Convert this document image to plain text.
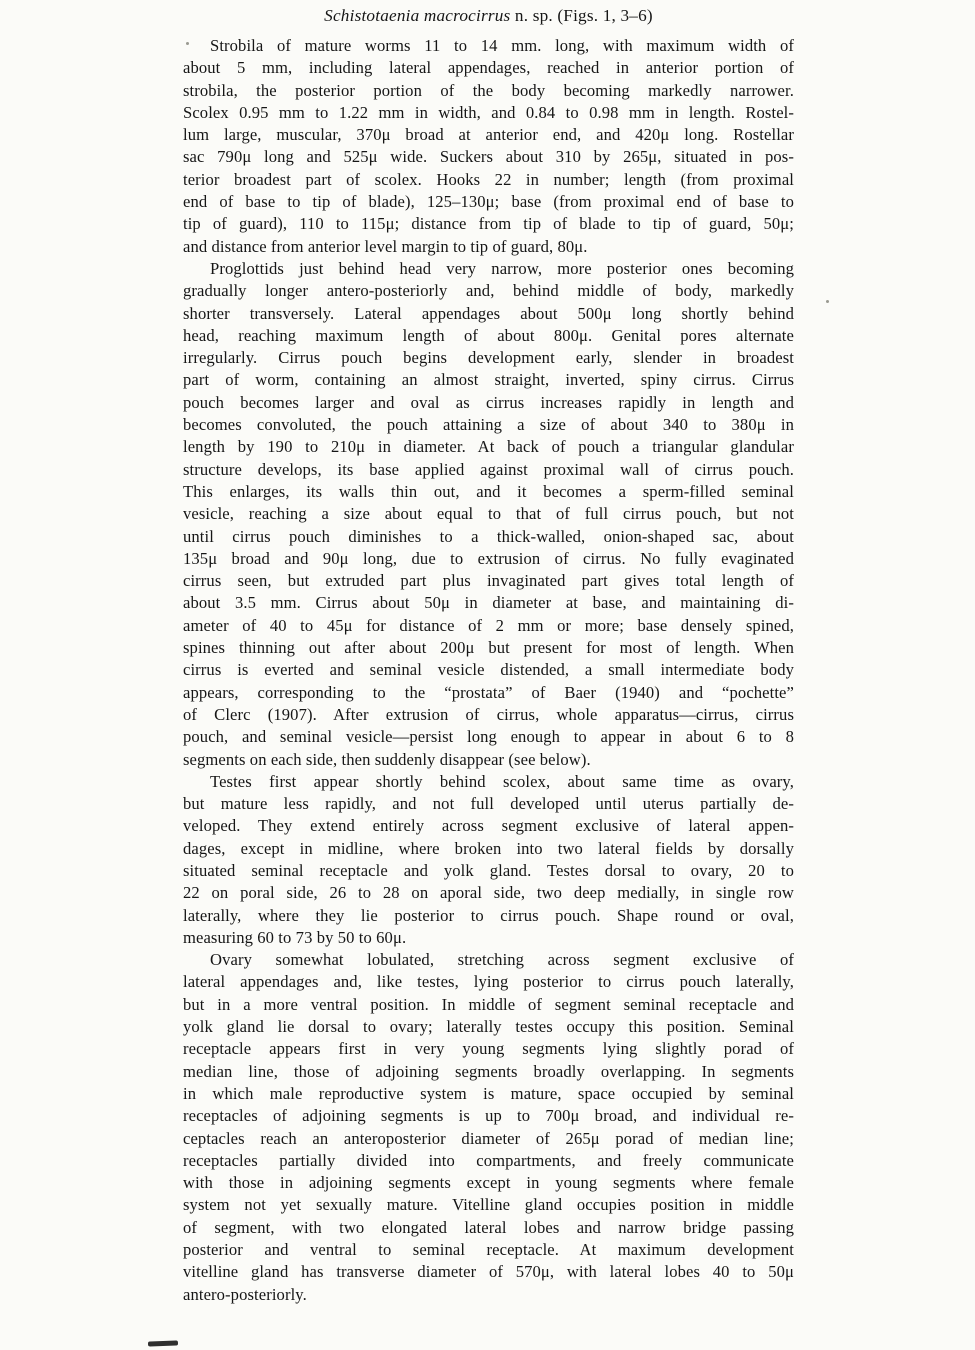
Schistotaenia macrocirrus n. sp. (Figs. 1, 3–6)
Strobila of mature worms 11 to 14 mm. long, with maximum width of
about 5 mm, including lateral appendages, reached in anterior portion of
strobila, the posterior portion of the body becoming markedly narrower.
Scolex 0.95 mm to 1.22 mm in width, and 0.84 to 0.98 mm in length. Rostel-
lum large, muscular, 370μ broad at anterior end, and 420μ long. Rostellar
sac 790μ long and 525μ wide. Suckers about 310 by 265μ, situated in pos-
terior broadest part of scolex. Hooks 22 in number; length (from proximal
end of base to tip of blade), 125–130μ; base (from proximal end of base to
tip of guard), 110 to 115μ; distance from tip of blade to tip of guard, 50μ;
and distance from anterior level margin to tip of guard, 80μ.
Proglottids just behind head very narrow, more posterior ones becoming
gradually longer antero-posteriorly and, behind middle of body, markedly
shorter transversely. Lateral appendages about 500μ long shortly behind
head, reaching maximum length of about 800μ. Genital pores alternate
irregularly. Cirrus pouch begins development early, slender in broadest
part of worm, containing an almost straight, inverted, spiny cirrus. Cirrus
pouch becomes larger and oval as cirrus increases rapidly in length and
becomes convoluted, the pouch attaining a size of about 340 to 380μ in
length by 190 to 210μ in diameter. At back of pouch a triangular glandular
structure develops, its base applied against proximal wall of cirrus pouch.
This enlarges, its walls thin out, and it becomes a sperm-filled seminal
vesicle, reaching a size about equal to that of full cirrus pouch, but not
until cirrus pouch diminishes to a thick-walled, onion-shaped sac, about
135μ broad and 90μ long, due to extrusion of cirrus. No fully evaginated
cirrus seen, but extruded part plus invaginated part gives total length of
about 3.5 mm. Cirrus about 50μ in diameter at base, and maintaining di-
ameter of 40 to 45μ for distance of 2 mm or more; base densely spined,
spines thinning out after about 200μ but present for most of length. When
cirrus is everted and seminal vesicle distended, a small intermediate body
appears, corresponding to the “prostata” of Baer (1940) and “pochette”
of Clerc (1907). After extrusion of cirrus, whole apparatus—cirrus, cirrus
pouch, and seminal vesicle—persist long enough to appear in about 6 to 8
segments on each side, then suddenly disappear (see below).
Testes first appear shortly behind scolex, about same time as ovary,
but mature less rapidly, and not full developed until uterus partially de-
veloped. They extend entirely across segment exclusive of lateral appen-
dages, except in midline, where broken into two lateral fields by dorsally
situated seminal receptacle and yolk gland. Testes dorsal to ovary, 20 to
22 on poral side, 26 to 28 on aporal side, two deep medially, in single row
laterally, where they lie posterior to cirrus pouch. Shape round or oval,
measuring 60 to 73 by 50 to 60μ.
Ovary somewhat lobulated, stretching across segment exclusive of
lateral appendages and, like testes, lying posterior to cirrus pouch laterally,
but in a more ventral position. In middle of segment seminal receptacle and
yolk gland lie dorsal to ovary; laterally testes occupy this position. Seminal
receptacle appears first in very young segments lying slightly porad of
median line, those of adjoining segments broadly overlapping. In segments
in which male reproductive system is mature, space occupied by seminal
receptacles of adjoining segments is up to 700μ broad, and individual re-
ceptacles reach an anteroposterior diameter of 265μ porad of median line;
receptacles partially divided into compartments, and freely communicate
with those in adjoining segments except in young segments where female
system not yet sexually mature. Vitelline gland occupies position in middle
of segment, with two elongated lateral lobes and narrow bridge passing
posterior and ventral to seminal receptacle. At maximum development
vitelline gland has transverse diameter of 570μ, with lateral lobes 40 to 50μ
antero-posteriorly.
